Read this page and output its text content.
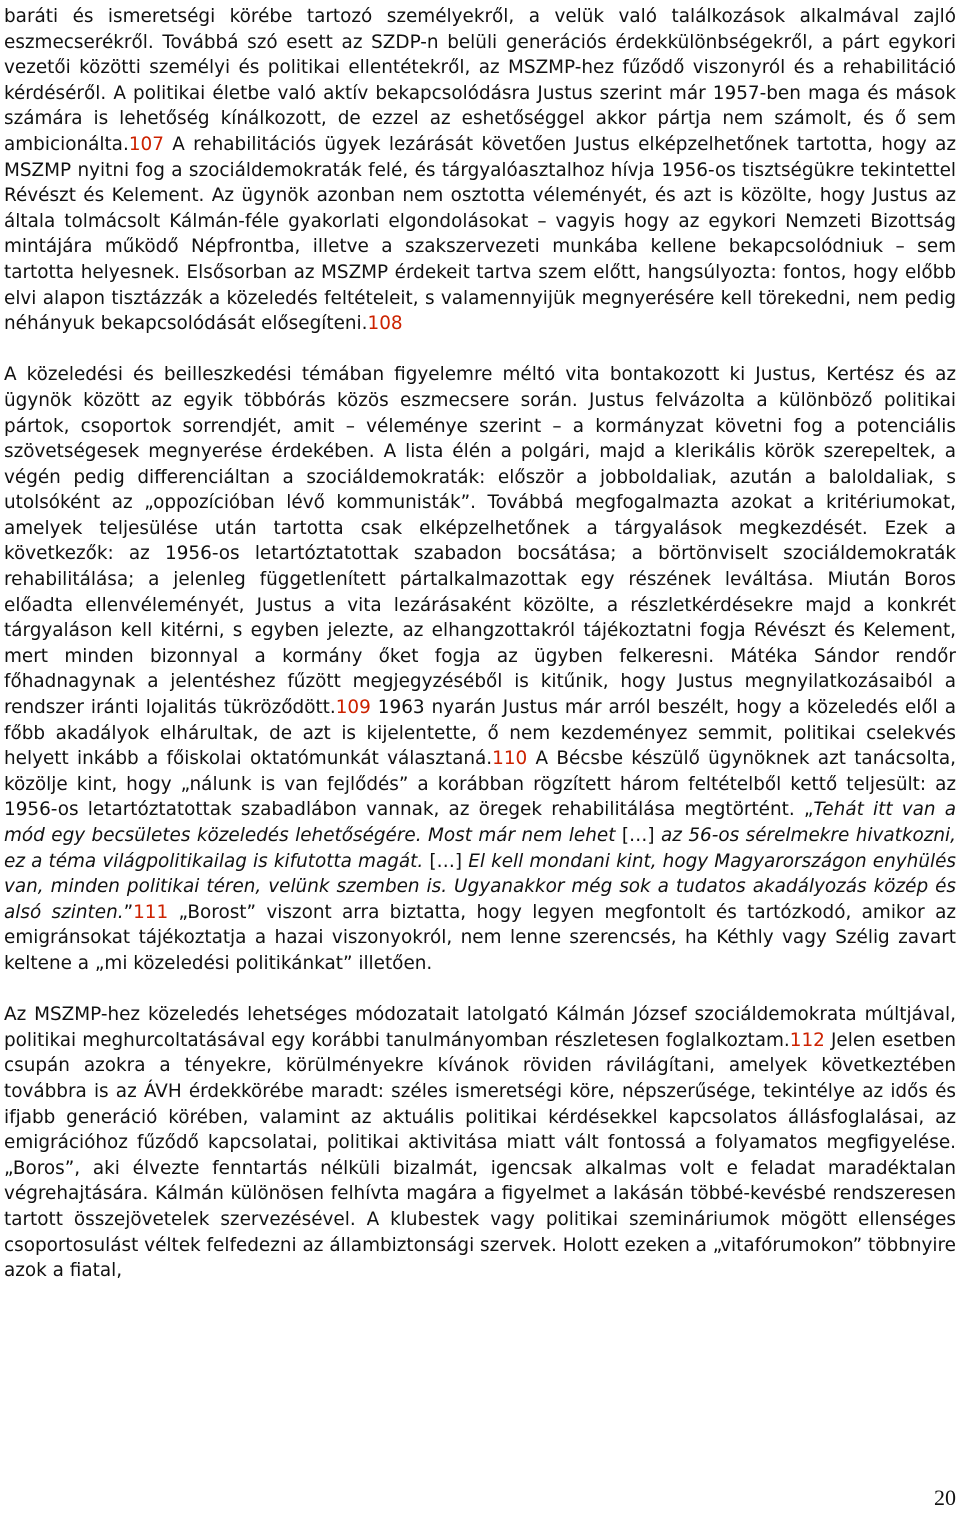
baráti és ismeretségi körébe tartozó személyekről, a velük való találkozások alkalmával zajló eszmecserékről. Továbbá szó esett az SZDP-n belüli generációs érdekkülönbségekről, a párt egykori vezetői közötti személyi és politikai ellentétekről, az MSZMP-hez fűződő viszonyról és a rehabilitáció kérdéséről. A politikai életbe való aktív bekapcsolódásra Justus szerint már 1957-ben maga és mások számára is lehetőség kínálkozott, de ezzel az eshetőséggel akkor pártja nem számolt, és ő sem ambicionálta.107 A rehabilitációs ügyek lezárását követően Justus elképzelhetőnek tartotta, hogy az MSZMP nyitni fog a szociáldemokraták felé, és tárgyalóasztalhoz hívja 1956-os tisztségükre tekintettel Révészt és Kelement. Az ügynök azonban nem osztotta véleményét, és azt is közölte, hogy Justus az általa tolmácsolt Kálmán-féle gyakorlati elgondolásokat – vagyis hogy az egykori Nemzeti Bizottság mintájára működő Népfrontba, illetve a szakszervezeti munkába kellene bekapcsolódniuk – sem tartotta helyesnek. Elsősorban az MSZMP érdekeit tartva szem előtt, hangsúlyozta: fontos, hogy előbb elvi alapon tisztázzák a közeledés feltételeit, s valamennyijük megnyerésére kell törekedni, nem pedig néhányuk bekapcsolódását elősegíteni.108

A közeledési és beilleszkedési témában figyelemre méltó vita bontakozott ki Justus, Kertész és az ügynök között az egyik többórás közös eszmecsere során. Justus felvázolta a különböző politikai pártok, csoportok sorrendjét, amit – véleménye szerint – a kormányzat követni fog a potenciális szövetségesek megnyerése érdekében. A lista élén a polgári, majd a klerikális körök szerepeltek, a végén pedig differenciáltan a szociáldemokraták: először a jobboldaliak, azután a baloldaliak, s utolsóként az „oppozícióban lévő kommunisták”. Továbbá megfogalmazta azokat a kritériumokat, amelyek teljesülése után tartotta csak elképzelhetőnek a tárgyalások megkezdését. Ezek a következők: az 1956-os letartóztatottak szabadon bocsátása; a börtönviselt szociáldemokraták rehabilitálása; a jelenleg függetlenített pártalkalmazottak egy részének leváltása. Miután Boros előadta ellenvéleményét, Justus a vita lezárásaként közölte, a részletkérdésekre majd a konkrét tárgyaláson kell kitérni, s egyben jelezte, az elhangzottakról tájékoztatni fogja Révészt és Kelement, mert minden bizonnyal a kormány őket fogja az ügyben felkeresni. Mátéka Sándor rendőr főhadnagynak a jelentéshez fűzött megjegyzéséből is kitűnik, hogy Justus megnyilatkozásaiból a rendszer iránti lojalitás tükröződött.109 1963 nyarán Justus már arról beszélt, hogy a közeledés elől a főbb akadályok elhárultak, de azt is kijelentette, ő nem kezdeményez semmit, politikai cselekvés helyett inkább a főiskolai oktatómunkát választaná.110 A Bécsbe készülő ügynöknek azt tanácsolta, közölje kint, hogy „nálunk is van fejlődés” a korábban rögzített három feltételből kettő teljesült: az 1956-os letartóztatottak szabadlábon vannak, az öregek rehabilitálása megtörtént. „Tehát itt van a mód egy becsületes közeledés lehetőségére. Most már nem lehet […] az 56-os sérelmekre hivatkozni, ez a téma világpolitikailag is kifutotta magát. […] El kell mondani kint, hogy Magyarországon enyhülés van, minden politikai téren, velünk szemben is. Ugyanakkor még sok a tudatos akadályozás közép és alsó szinten.”111 „Borost” viszont arra biztatta, hogy legyen megfontolt és tartózkodó, amikor az emigránsokat tájékoztatja a hazai viszonyokról, nem lenne szerencsés, ha Kéthly vagy Szélig zavart keltene a „mi közeledési politikánkat” illetően.

Az MSZMP-hez közeledés lehetséges módozatait latolgató Kálmán József szociáldemokrata múltjával, politikai meghurcoltatásával egy korábbi tanulmányomban részletesen foglalkoztam.112 Jelen esetben csupán azokra a tényekre, körülményekre kívánok röviden rávilágítani, amelyek következtében továbbra is az ÁVH érdekkörébe maradt: széles ismeretségi köre, népszerűsége, tekintélye az idős és ifjabb generáció körében, valamint az aktuális politikai kérdésekkel kapcsolatos állásfoglalásai, az emigrációhoz fűződő kapcsolatai, politikai aktivitása miatt vált fontossá a folyamatos megfigyelése. „Boros”, aki élvezte fenntartás nélküli bizalmát, igencsak alkalmas volt e feladat maradéktalan végrehajtására. Kálmán különösen felhívta magára a figyelmet a lakásán többé-kevésbé rendszeresen tartott összejövetelek szervezésével. A klubestek vagy politikai szemináriumok mögött ellenséges csoportosulást véltek felfedezni az állambiztonsági szervek. Holott ezeken a „vitafórumokon” többnyire azok a fiatal,

20
